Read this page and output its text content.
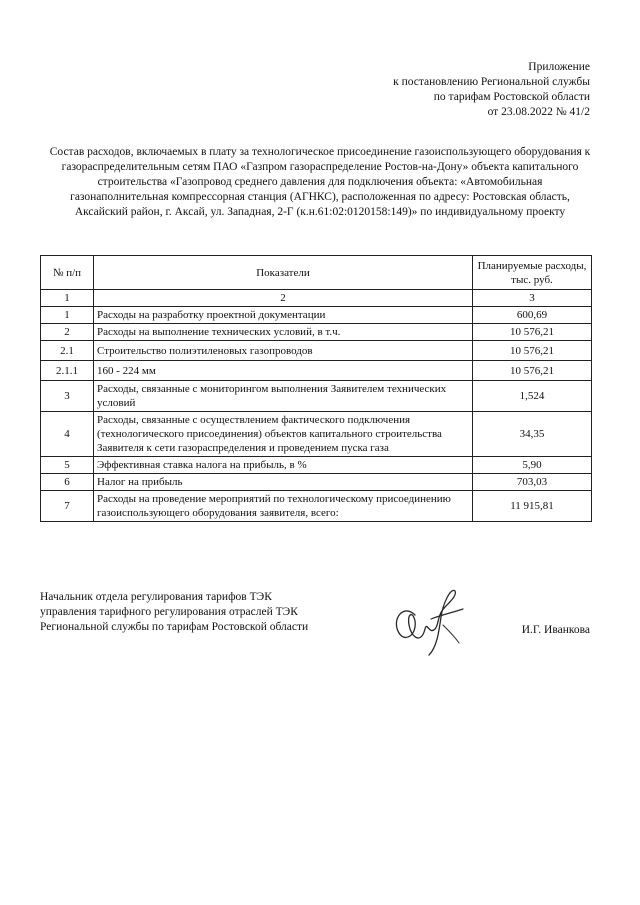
Приложение
к постановлению Региональной службы
по тарифам Ростовской области
от 23.08.2022 № 41/2
Состав расходов, включаемых в плату за технологическое присоединение газоиспользующего оборудования к
газораспределительным сетям ПАО «Газпром газораспределение Ростов-на-Дону» объекта капитального
строительства «Газопровод среднего давления для подключения объекта: «Автомобильная
газонаполнительная компрессорная станция (АГНКС), расположенная по адресу: Ростовская область,
Аксайский район, г. Аксай, ул. Западная, 2-Г (к.н.61:02:0120158:149)» по индивидуальному проекту
№ п/п	Показатели	Планируемые расходы,
тыс. руб.

1	2	3
1	Расходы на разработку проектной документации	600,69
2	Расходы на выполнение технических условий, в т.ч.	10 576,21
2.1	Строительство полиэтиленовых газопроводов	10 576,21
2.1.1	160 - 224 мм	10 576,21
3	Расходы, связанные с мониторингом выполнения Заявителем технических условий	1,524
4	Расходы, связанные с осуществлением фактического подключения (технологического присоединения) объектов капитального строительства Заявителя к сети газораспределения и проведением пуска газа	34,35
5	Эффективная ставка налога на прибыль, в %	5,90
6	Налог на прибыль	703,03
7	Расходы на проведение мероприятий по технологическому присоединению газоиспользующего оборудования заявителя, всего:	11 915,81
Начальник отдела регулирования тарифов ТЭК
управления тарифного регулирования отраслей ТЭК
Региональной службы по тарифам Ростовской области	И.Г. Иванкова
